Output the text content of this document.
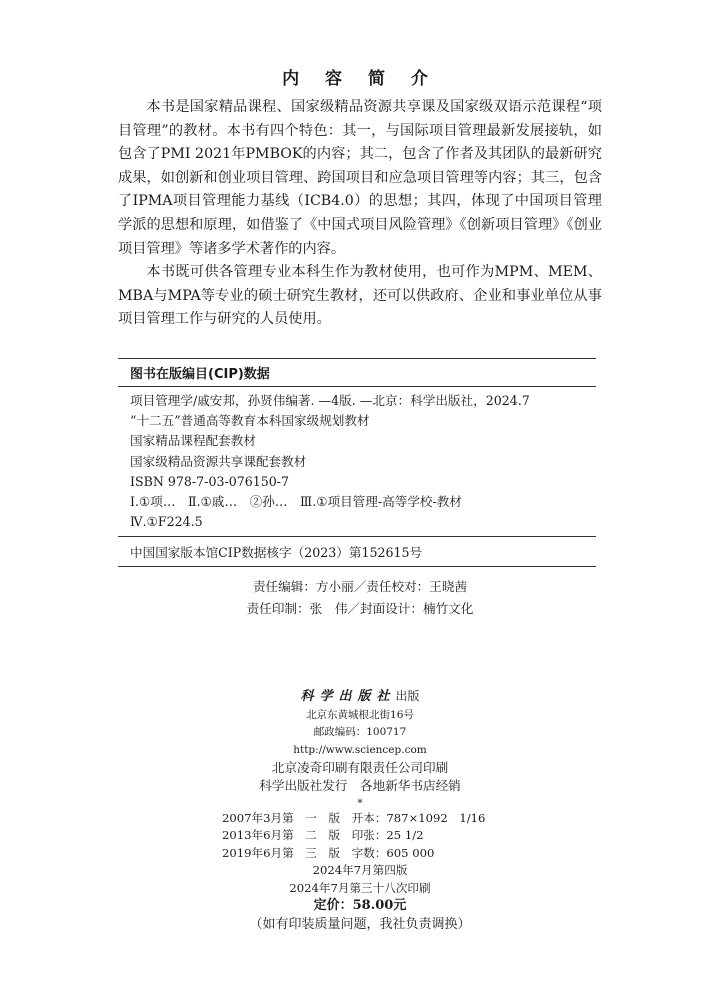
内 容 简 介

本书是国家精品课程、国家级精品资源共享课及国家级双语示范课程“项目管理”的教材。本书有四个特色：其一，与国际项目管理最新发展接轨，如包含了PMI 2021年PMBOK的内容；其二，包含了作者及其团队的最新研究成果，如创新和创业项目管理、跨国项目和应急项目管理等内容；其三，包含了IPMA项目管理能力基线（ICB4.0）的思想；其四，体现了中国项目管理学派的思想和原理，如借鉴了《中国式项目风险管理》《创新项目管理》《创业项目管理》等诸多学术著作的内容。

本书既可供各管理专业本科生作为教材使用，也可作为MPM、MEM、MBA与MPA等专业的硕士研究生教材，还可以供政府、企业和事业单位从事项目管理工作与研究的人员使用。

图书在版编目(CIP)数据
项目管理学/戚安邦，孙贤伟编著. —4版. —北京：科学出版社，2024.7
“十二五”普通高等教育本科国家级规划教材
国家精品课程配套教材
国家级精品资源共享课配套教材
ISBN 978-7-03-076150-7
Ⅰ.①项…　Ⅱ.①戚…　②孙…　Ⅲ.①项目管理-高等学校-教材
Ⅳ.①F224.5
中国国家版本馆CIP数据核字（2023）第152615号
责任编辑：方小丽／责任校对：王晓茜
责任印制：张　伟／封面设计：楠竹文化
科学出版社出版
北京东黄城根北街16号
邮政编码：100717
http://www.sciencep.com
北京凌奇印刷有限责任公司印刷
科学出版社发行　各地新华书店经销
*
2007年3月第　一　版　开本：787×1092　1/16
2013年6月第　二　版　印张：25 1/2
2019年6月第　三　版　字数：605 000
2024年7月第四版
2024年7月第三十八次印刷
定价：58.00元
（如有印装质量问题，我社负责调换）
